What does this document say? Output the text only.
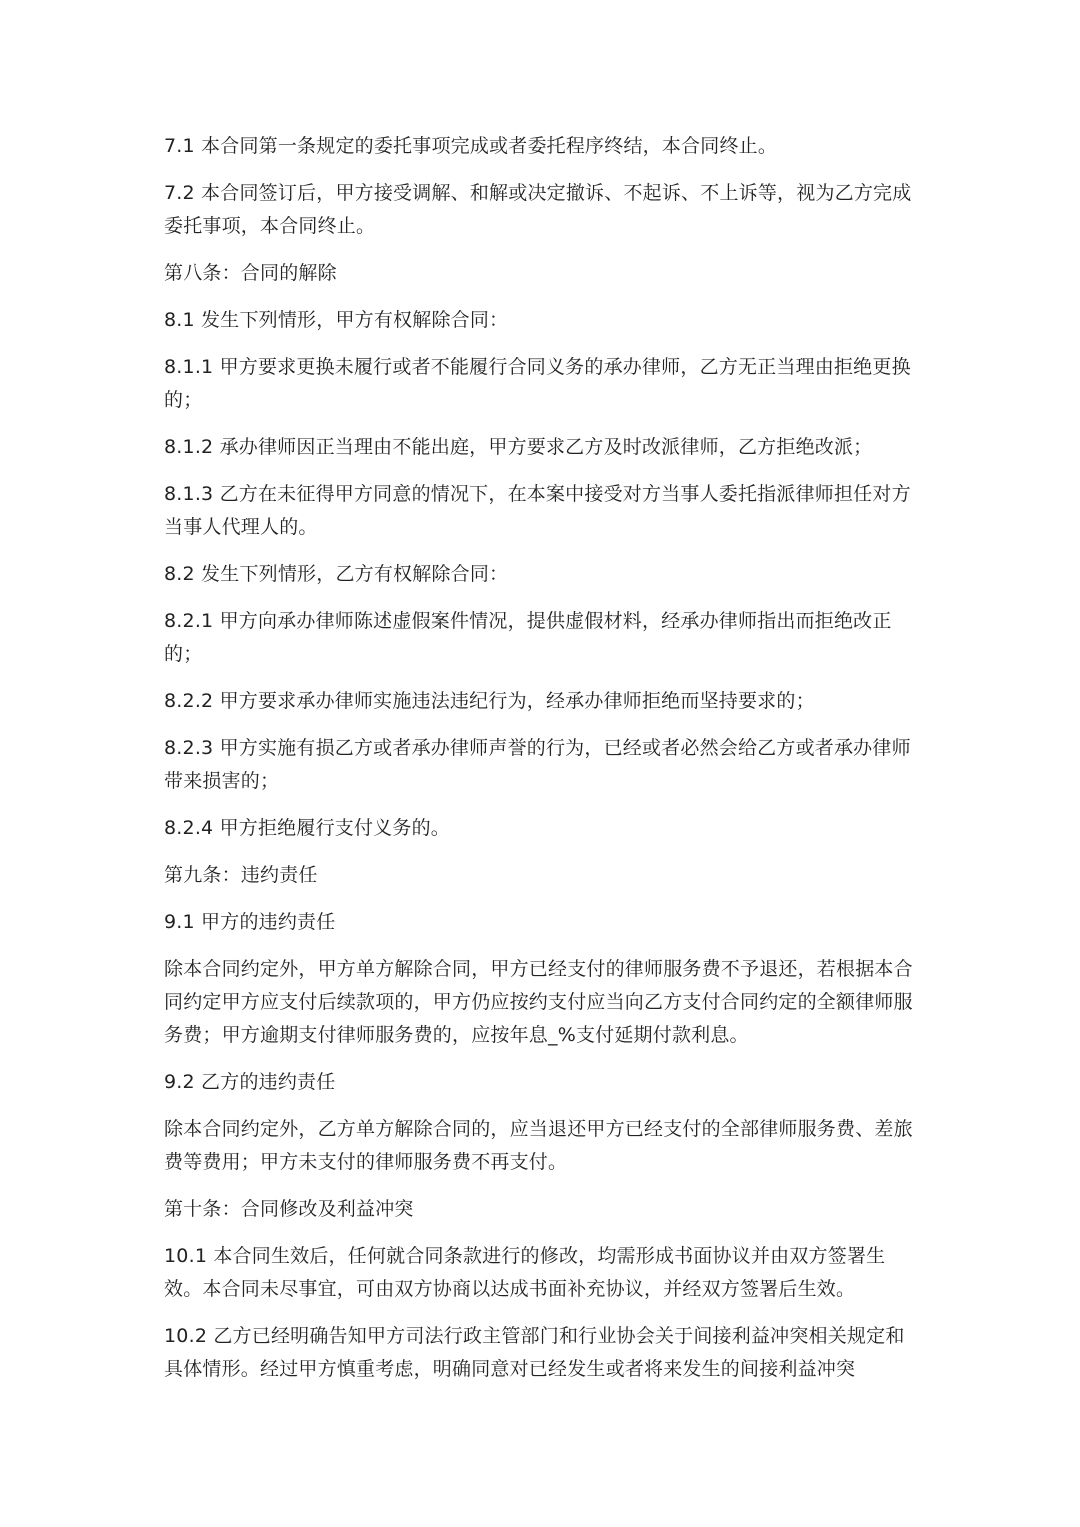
7.1 本合同第一条规定的委托事项完成或者委托程序终结，本合同终止。

7.2 本合同签订后，甲方接受调解、和解或决定撤诉、不起诉、不上诉等，视为乙方完成委托事项，本合同终止。

第八条：合同的解除

8.1 发生下列情形，甲方有权解除合同：

8.1.1 甲方要求更换未履行或者不能履行合同义务的承办律师，乙方无正当理由拒绝更换的；

8.1.2 承办律师因正当理由不能出庭，甲方要求乙方及时改派律师，乙方拒绝改派；

8.1.3 乙方在未征得甲方同意的情况下，在本案中接受对方当事人委托指派律师担任对方当事人代理人的。

8.2 发生下列情形，乙方有权解除合同：

8.2.1 甲方向承办律师陈述虚假案件情况，提供虚假材料，经承办律师指出而拒绝改正的；

8.2.2 甲方要求承办律师实施违法违纪行为，经承办律师拒绝而坚持要求的；

8.2.3 甲方实施有损乙方或者承办律师声誉的行为，已经或者必然会给乙方或者承办律师带来损害的；

8.2.4 甲方拒绝履行支付义务的。

第九条：违约责任

9.1 甲方的违约责任

除本合同约定外，甲方单方解除合同，甲方已经支付的律师服务费不予退还，若根据本合同约定甲方应支付后续款项的，甲方仍应按约支付应当向乙方支付合同约定的全额律师服务费；甲方逾期支付律师服务费的，应按年息_%支付延期付款利息。

9.2 乙方的违约责任

除本合同约定外，乙方单方解除合同的，应当退还甲方已经支付的全部律师服务费、差旅费等费用；甲方未支付的律师服务费不再支付。

第十条：合同修改及利益冲突

10.1 本合同生效后，任何就合同条款进行的修改，均需形成书面协议并由双方签署生效。本合同未尽事宜，可由双方协商以达成书面补充协议，并经双方签署后生效。

10.2 乙方已经明确告知甲方司法行政主管部门和行业协会关于间接利益冲突相关规定和具体情形。经过甲方慎重考虑，明确同意对已经发生或者将来发生的间接利益冲突
